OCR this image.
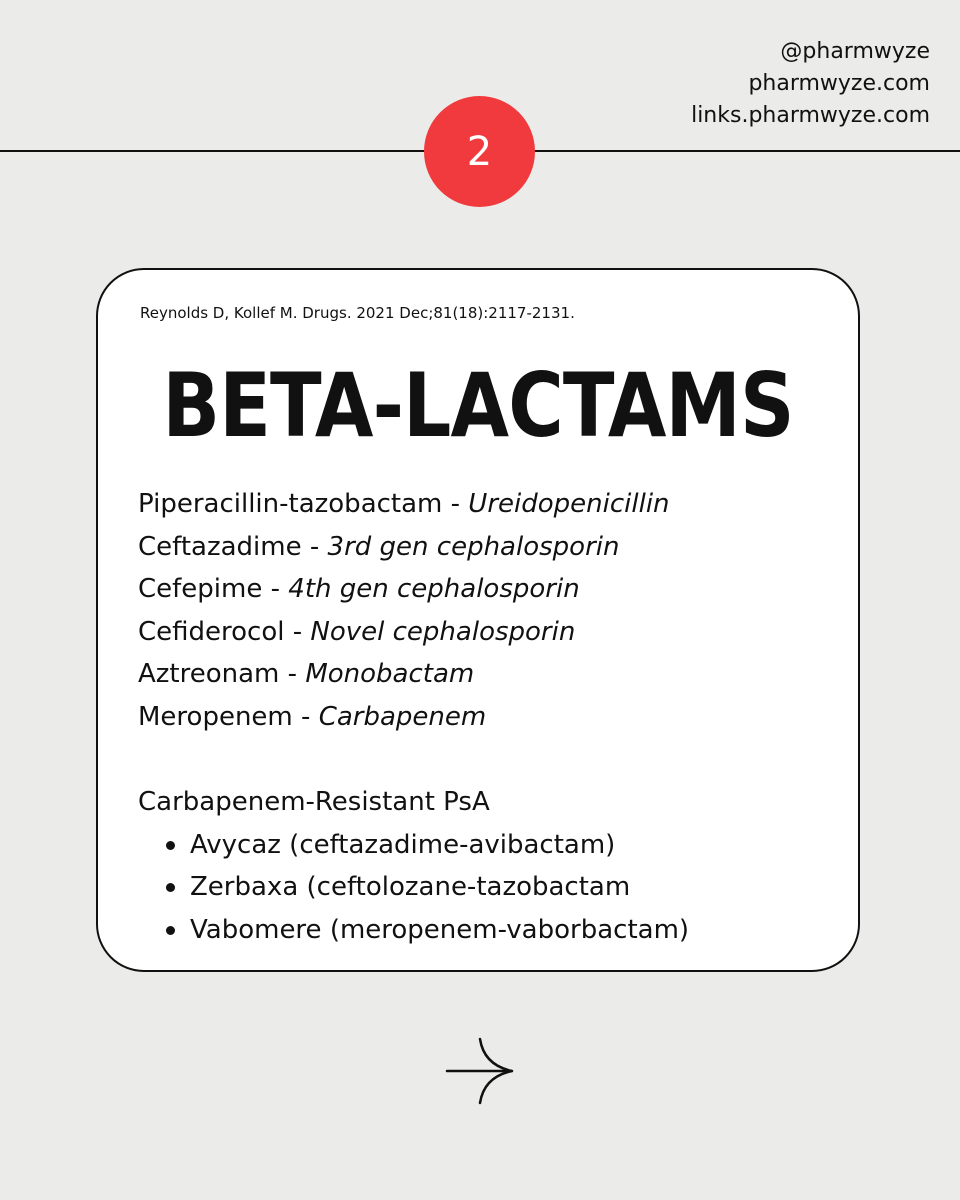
@pharmwyze
pharmwyze.com
links.pharmwyze.com
2
Reynolds D, Kollef M. Drugs. 2021 Dec;81(18):2117-2131.
BETA-LACTAMS
Piperacillin-tazobactam - Ureidopenicillin
Ceftazadime - 3rd gen cephalosporin
Cefepime - 4th gen cephalosporin
Cefiderocol - Novel cephalosporin
Aztreonam - Monobactam
Meropenem - Carbapenem
Carbapenem-Resistant PsA
Avycaz (ceftazadime-avibactam)
Zerbaxa (ceftolozane-tazobactam
Vabomere (meropenem-vaborbactam)
